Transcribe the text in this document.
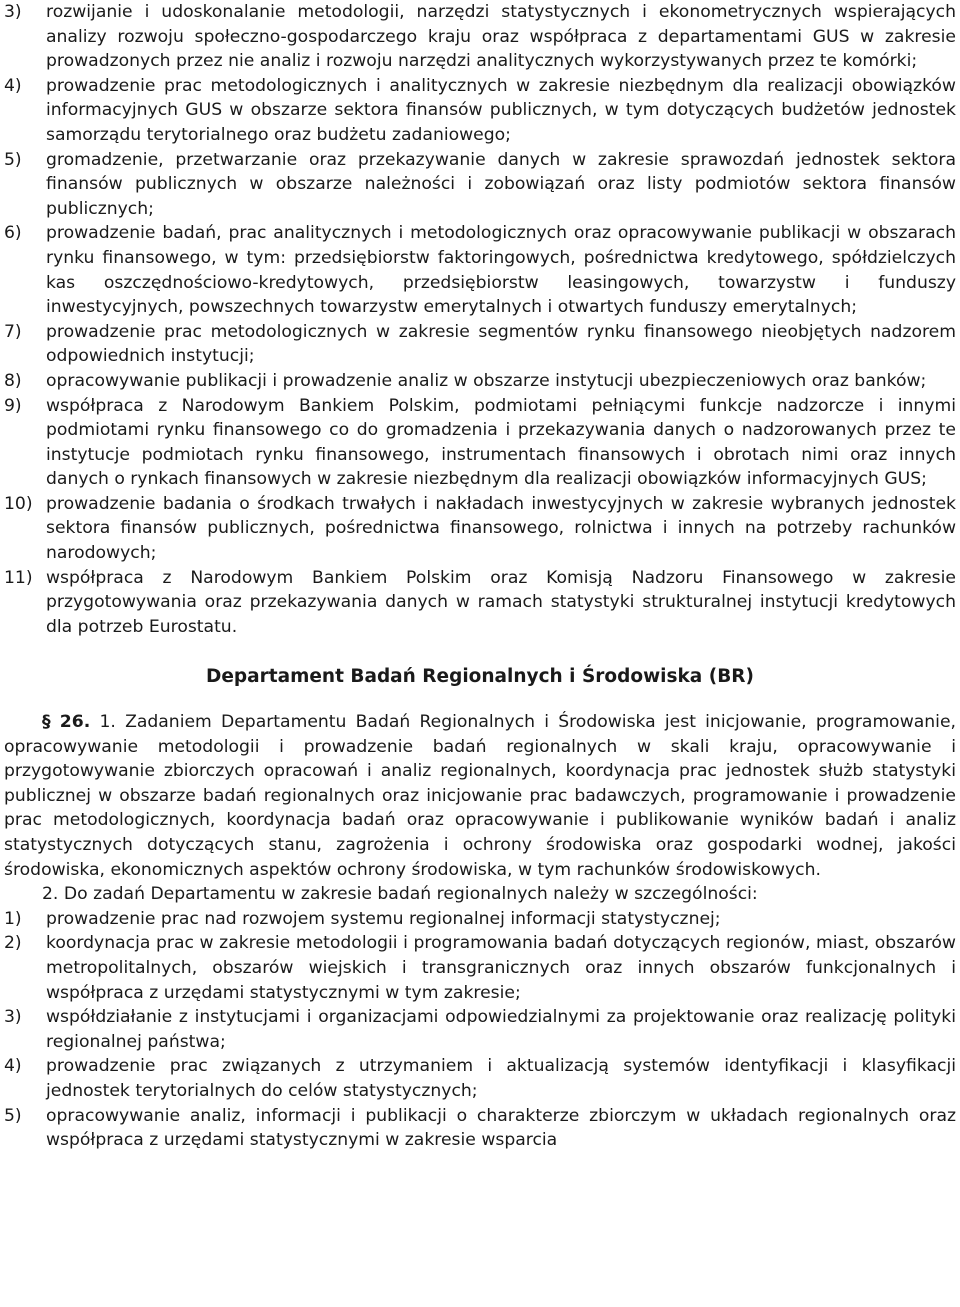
3)	rozwijanie i udoskonalanie metodologii, narzędzi statystycznych i ekonometrycznych wspierających analizy rozwoju społeczno-gospodarczego kraju oraz współpraca z departamentami GUS w zakresie prowadzonych przez nie analiz i rozwoju narzędzi analitycznych wykorzystywanych przez te komórki;
4)	prowadzenie prac metodologicznych i analitycznych w zakresie niezbędnym dla realizacji obowiązków informacyjnych GUS w obszarze sektora finansów publicznych, w tym dotyczących budżetów jednostek samorządu terytorialnego oraz budżetu zadaniowego;
5)	gromadzenie, przetwarzanie oraz przekazywanie danych w zakresie sprawozdań jednostek sektora finansów publicznych w obszarze należności i zobowiązań oraz listy podmiotów sektora finansów publicznych;
6)	prowadzenie badań, prac analitycznych i metodologicznych oraz opracowywanie publikacji w obszarach rynku finansowego, w tym: przedsiębiorstw faktoringowych, pośrednictwa kredytowego, spółdzielczych kas oszczędnościowo-kredytowych, przedsiębiorstw leasingowych, towarzystw i funduszy inwestycyjnych, powszechnych towarzystw emerytalnych i otwartych funduszy emerytalnych;
7)	prowadzenie prac metodologicznych w zakresie segmentów rynku finansowego nieobjętych nadzorem odpowiednich instytucji;
8)	opracowywanie publikacji i prowadzenie analiz w obszarze instytucji ubezpieczeniowych oraz banków;
9)	współpraca z Narodowym Bankiem Polskim, podmiotami pełniącymi funkcje nadzorcze i innymi podmiotami rynku finansowego co do gromadzenia i przekazywania danych o nadzorowanych przez te instytucje podmiotach rynku finansowego, instrumentach finansowych i obrotach nimi oraz innych danych o rynkach finansowych w zakresie niezbędnym dla realizacji obowiązków informacyjnych GUS;
10) prowadzenie badania o środkach trwałych i nakładach inwestycyjnych w zakresie wybranych jednostek sektora finansów publicznych, pośrednictwa finansowego, rolnictwa i innych na potrzeby rachunków narodowych;
11) współpraca z Narodowym Bankiem Polskim oraz Komisją Nadzoru Finansowego w zakresie przygotowywania oraz przekazywania danych w ramach statystyki strukturalnej instytucji kredytowych dla potrzeb Eurostatu.
Departament Badań Regionalnych i Środowiska (BR)

§ 26. 1. Zadaniem Departamentu Badań Regionalnych i Środowiska jest inicjowanie, programowanie, opracowywanie metodologii i prowadzenie badań regionalnych w skali kraju, opracowywanie i przygotowywanie zbiorczych opracowań i analiz regionalnych, koordynacja prac jednostek służb statystyki publicznej w obszarze badań regionalnych oraz inicjowanie prac badawczych, programowanie i prowadzenie prac metodologicznych, koordynacja badań oraz opracowywanie i publikowanie wyników badań i analiz statystycznych dotyczących stanu, zagrożenia i ochrony środowiska oraz gospodarki wodnej, jakości środowiska, ekonomicznych aspektów ochrony środowiska, w tym rachunków środowiskowych.

2. Do zadań Departamentu w zakresie badań regionalnych należy w szczególności:

1)	prowadzenie prac nad rozwojem systemu regionalnej informacji statystycznej;
2)	koordynacja prac w zakresie metodologii i programowania badań dotyczących regionów, miast, obszarów metropolitalnych, obszarów wiejskich i transgranicznych oraz innych obszarów funkcjonalnych i współpraca z urzędami statystycznymi w tym zakresie;
3)	współdziałanie z instytucjami i organizacjami odpowiedzialnymi za projektowanie oraz realizację polityki regionalnej państwa;
4)	prowadzenie prac związanych z utrzymaniem i aktualizacją systemów identyfikacji i klasyfikacji jednostek terytorialnych do celów statystycznych;
5)	opracowywanie analiz, informacji i publikacji o charakterze zbiorczym w układach regionalnych oraz współpraca z urzędami statystycznymi w zakresie wsparcia
